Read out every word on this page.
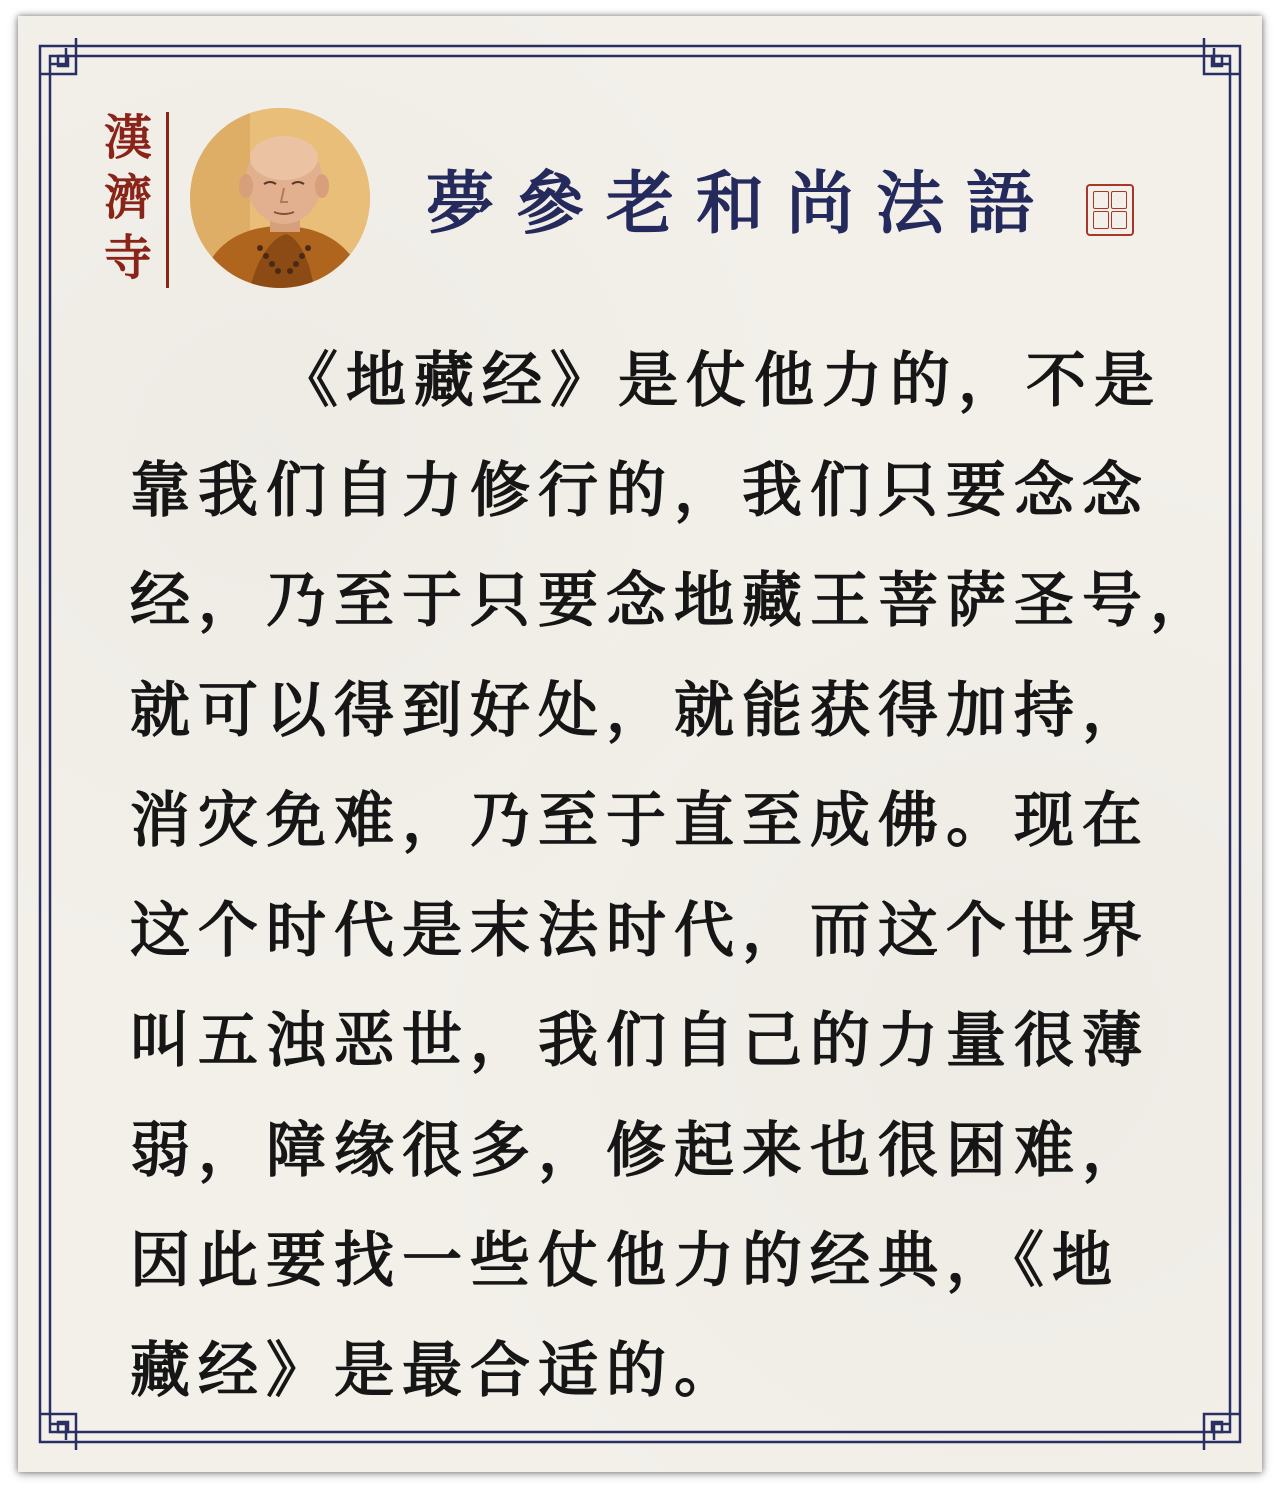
漢
濟
寺
夢參老和尚法語
《地藏经》是仗他力的，不是
靠我们自力修行的，我们只要念念
经，乃至于只要念地藏王菩萨圣号，
就可以得到好处，就能获得加持，
消灾免难，乃至于直至成佛。现在
这个时代是末法时代，而这个世界
叫五浊恶世，我们自己的力量很薄
弱，障缘很多，修起来也很困难，
因此要找一些仗他力的经典，《地
藏经》是最合适的。
